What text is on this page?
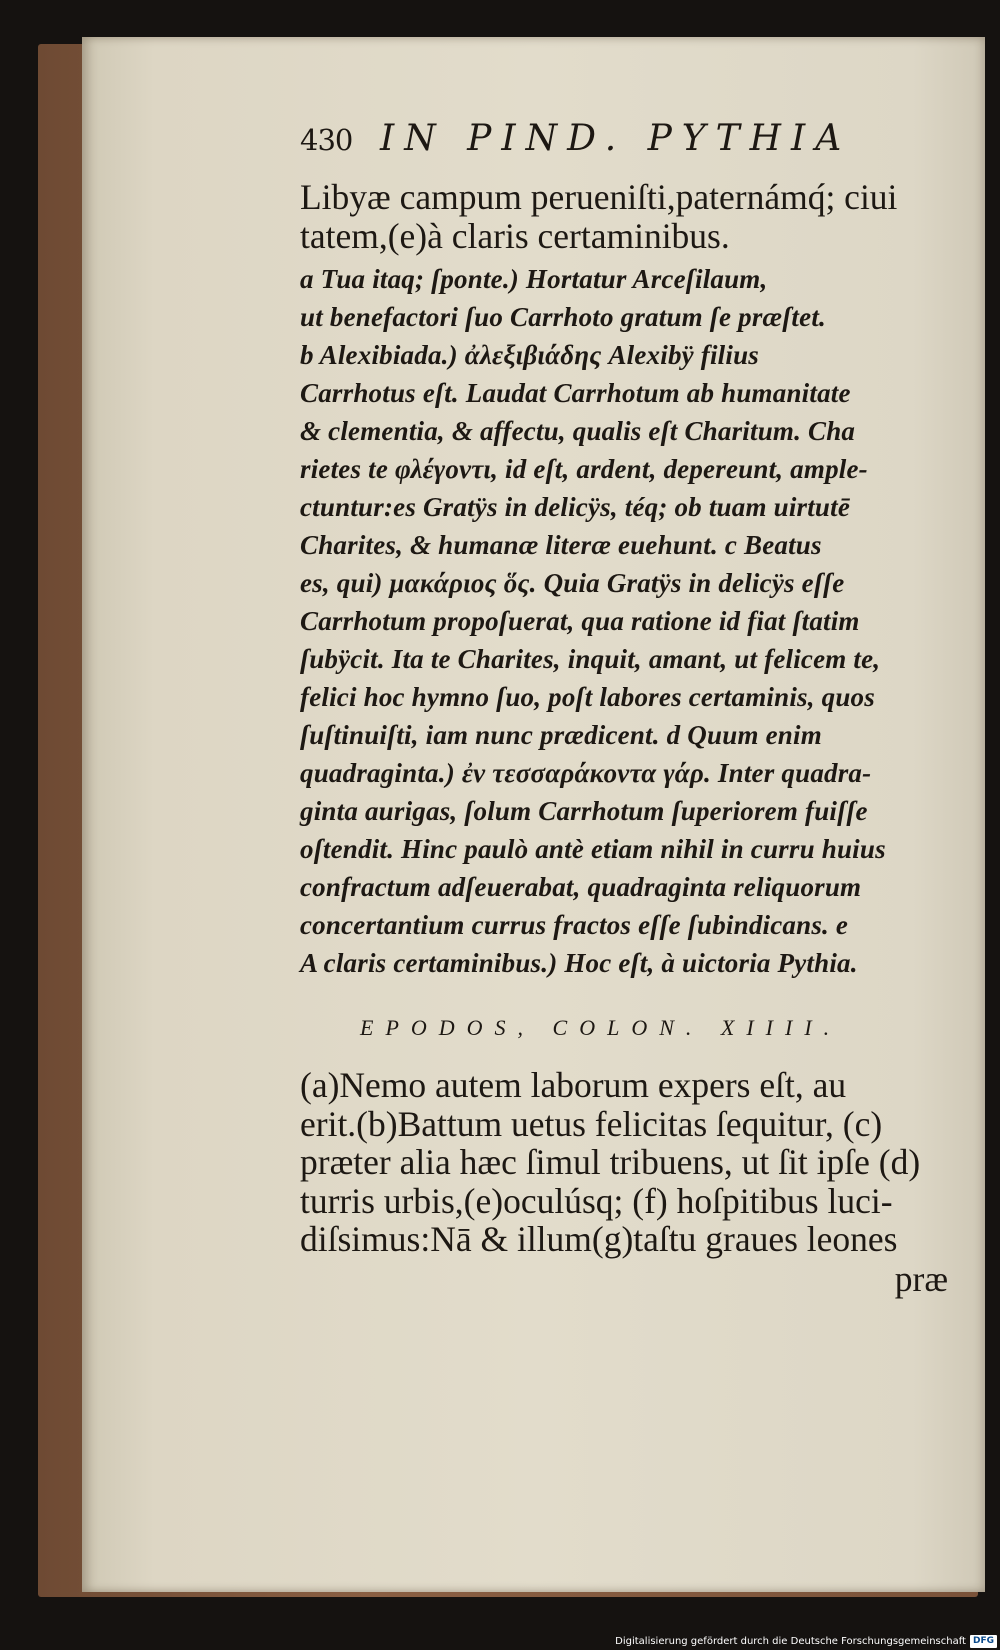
430 IN PIND. PYTHIA
Libyæ campum perueniſti,paternámq́; ciui
tatem,(e)à claris certaminibus.
a Tua itaq; ſponte.) Hortatur Arceſilaum,
ut benefactori ſuo Carrhoto gratum ſe præſtet.
b Alexibiada.) ἀλεξιβιάδης Alexibÿ filius
Carrhotus eſt. Laudat Carrhotum ab humanitate
& clementia, & affectu, qualis eſt Charitum. Cha
rietes te φλέγοντι, id eſt, ardent, depereunt, ample-
ctuntur:es Gratÿs in delicÿs, téq; ob tuam uirtutē
Charites, & humanæ literæ euehunt. c Beatus
es, qui) μακάριος ὅς. Quia Gratÿs in delicÿs eſſe
Carrhotum propoſuerat, qua ratione id fiat ſtatim
ſubÿcit. Ita te Charites, inquit, amant, ut felicem te,
felici hoc hymno ſuo, poſt labores certaminis, quos
ſuſtinuiſti, iam nunc prædicent. d Quum enim
quadraginta.) ἐν τεσσαράκοντα γάρ. Inter quadra-
ginta aurigas, ſolum Carrhotum ſuperiorem fuiſſe
oſtendit. Hinc paulò antè etiam nihil in curru huius
confractum adſeuerabat, quadraginta reliquorum
concertantium currus fractos eſſe ſubindicans. e
A claris certaminibus.) Hoc eſt, à uictoria Pythia.
EPODOS, COLON. XIIII.
(a)Nemo autem laborum expers eſt, au
erit.(b)Battum uetus felicitas ſequitur, (c)
præter alia hæc ſimul tribuens, ut ſit ipſe (d)
turris urbis,(e)oculúsq; (f) hoſpitibus luci-
diſsimus:Nā & illum(g)taſtu graues leones
præ
Digitalisierung gefördert durch die Deutsche Forschungsgemeinschaft DFG
